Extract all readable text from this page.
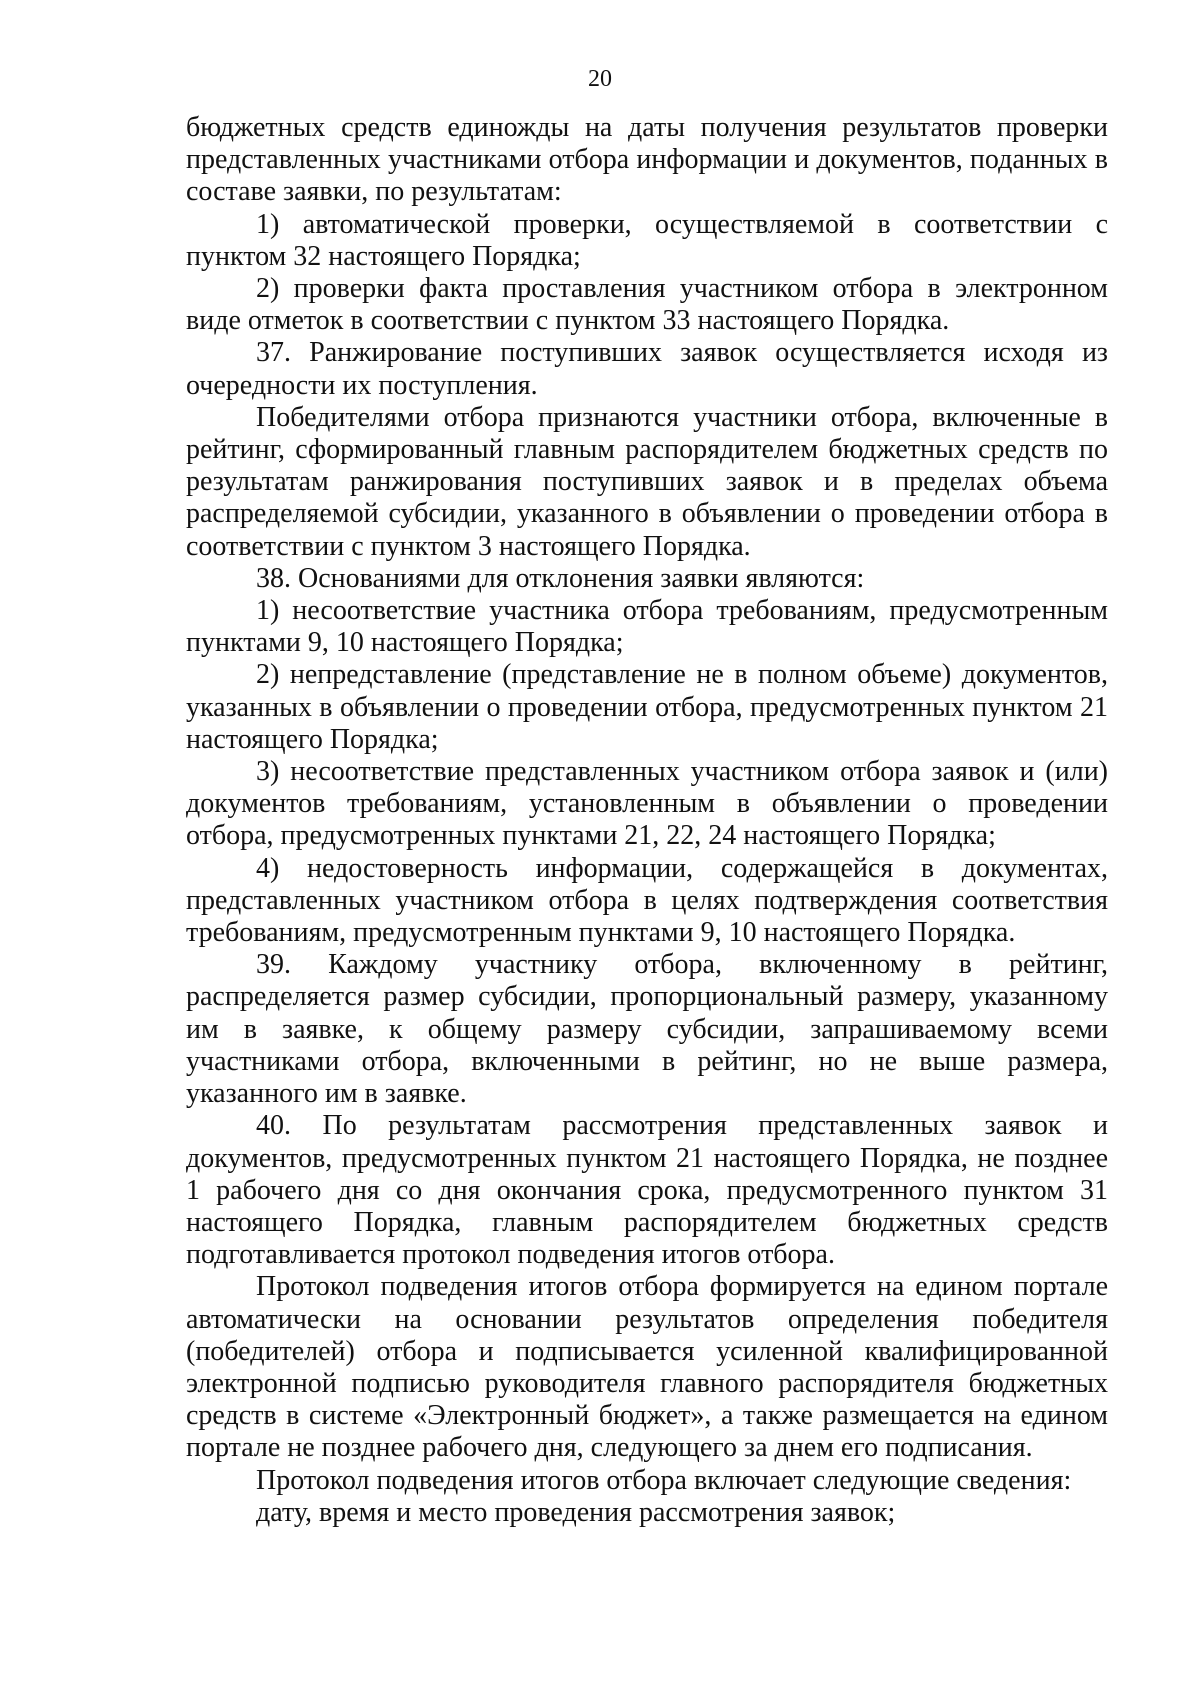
20

бюджетных средств единожды на даты получения результатов проверки представленных участниками отбора информации и документов, поданных в составе заявки, по результатам:

1) автоматической проверки, осуществляемой в соответствии с пунктом 32 настоящего Порядка;

2) проверки факта проставления участником отбора в электронном виде отметок в соответствии с пунктом 33 настоящего Порядка.

37. Ранжирование поступивших заявок осуществляется исходя из очередности их поступления.

Победителями отбора признаются участники отбора, включенные в рейтинг, сформированный главным распорядителем бюджетных средств по результатам ранжирования поступивших заявок и в пределах объема распределяемой субсидии, указанного в объявлении о проведении отбора в соответствии с пунктом 3 настоящего Порядка.

38. Основаниями для отклонения заявки являются:

1) несоответствие участника отбора требованиям, предусмотренным пунктами 9, 10 настоящего Порядка;

2) непредставление (представление не в полном объеме) документов, указанных в объявлении о проведении отбора, предусмотренных пунктом 21 настоящего Порядка;

3) несоответствие представленных участником отбора заявок и (или) документов требованиям, установленным в объявлении о проведении отбора, предусмотренных пунктами 21, 22, 24 настоящего Порядка;

4) недостоверность информации, содержащейся в документах, представленных участником отбора в целях подтверждения соответствия требованиям, предусмотренным пунктами 9, 10 настоящего Порядка.

39. Каждому участнику отбора, включенному в рейтинг, распределяется размер субсидии, пропорциональный размеру, указанному им в заявке, к общему размеру субсидии, запрашиваемому всеми участниками отбора, включенными в рейтинг, но не выше размера, указанного им в заявке.

40. По результатам рассмотрения представленных заявок и документов, предусмотренных пунктом 21 настоящего Порядка, не позднее 1 рабочего дня со дня окончания срока, предусмотренного пунктом 31 настоящего Порядка, главным распорядителем бюджетных средств подготавливается протокол подведения итогов отбора.

Протокол подведения итогов отбора формируется на едином портале автоматически на основании результатов определения победителя (победителей) отбора и подписывается усиленной квалифицированной электронной подписью руководителя главного распорядителя бюджетных средств в системе «Электронный бюджет», а также размещается на едином портале не позднее рабочего дня, следующего за днем его подписания.

Протокол подведения итогов отбора включает следующие сведения:

дату, время и место проведения рассмотрения заявок;
